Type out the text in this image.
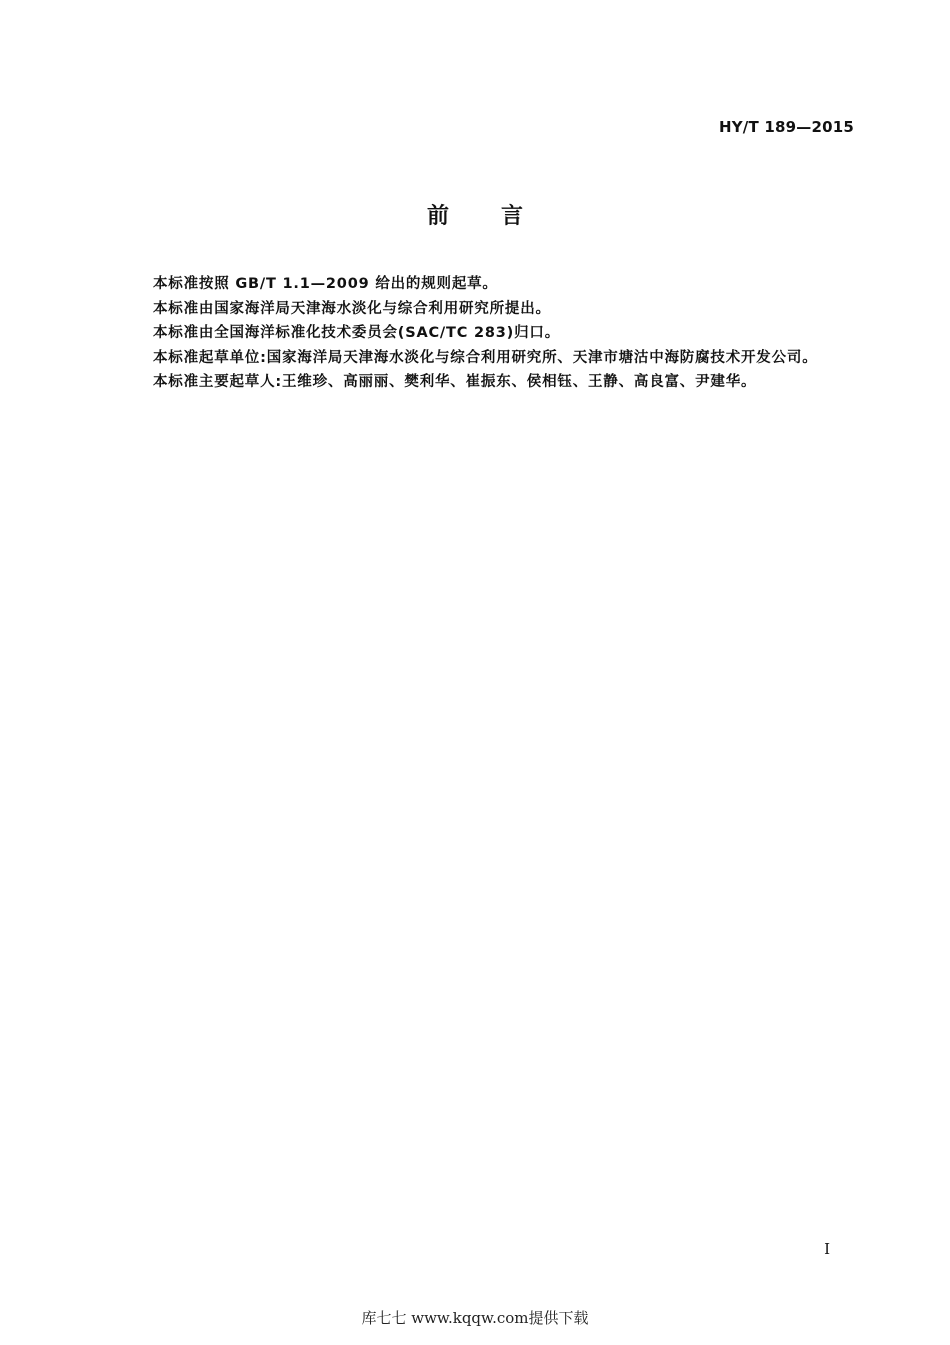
HY/T 189—2015
前言

本标准按照 GB/T 1.1—2009 给出的规则起草。

本标准由国家海洋局天津海水淡化与综合利用研究所提出。

本标准由全国海洋标准化技术委员会(SAC/TC 283)归口。

本标准起草单位:国家海洋局天津海水淡化与综合利用研究所、天津市塘沽中海防腐技术开发公司。

本标准主要起草人:王维珍、高丽丽、樊利华、崔振东、侯相钰、王静、高良富、尹建华。

I
库七七 www.kqqw.com提供下载
